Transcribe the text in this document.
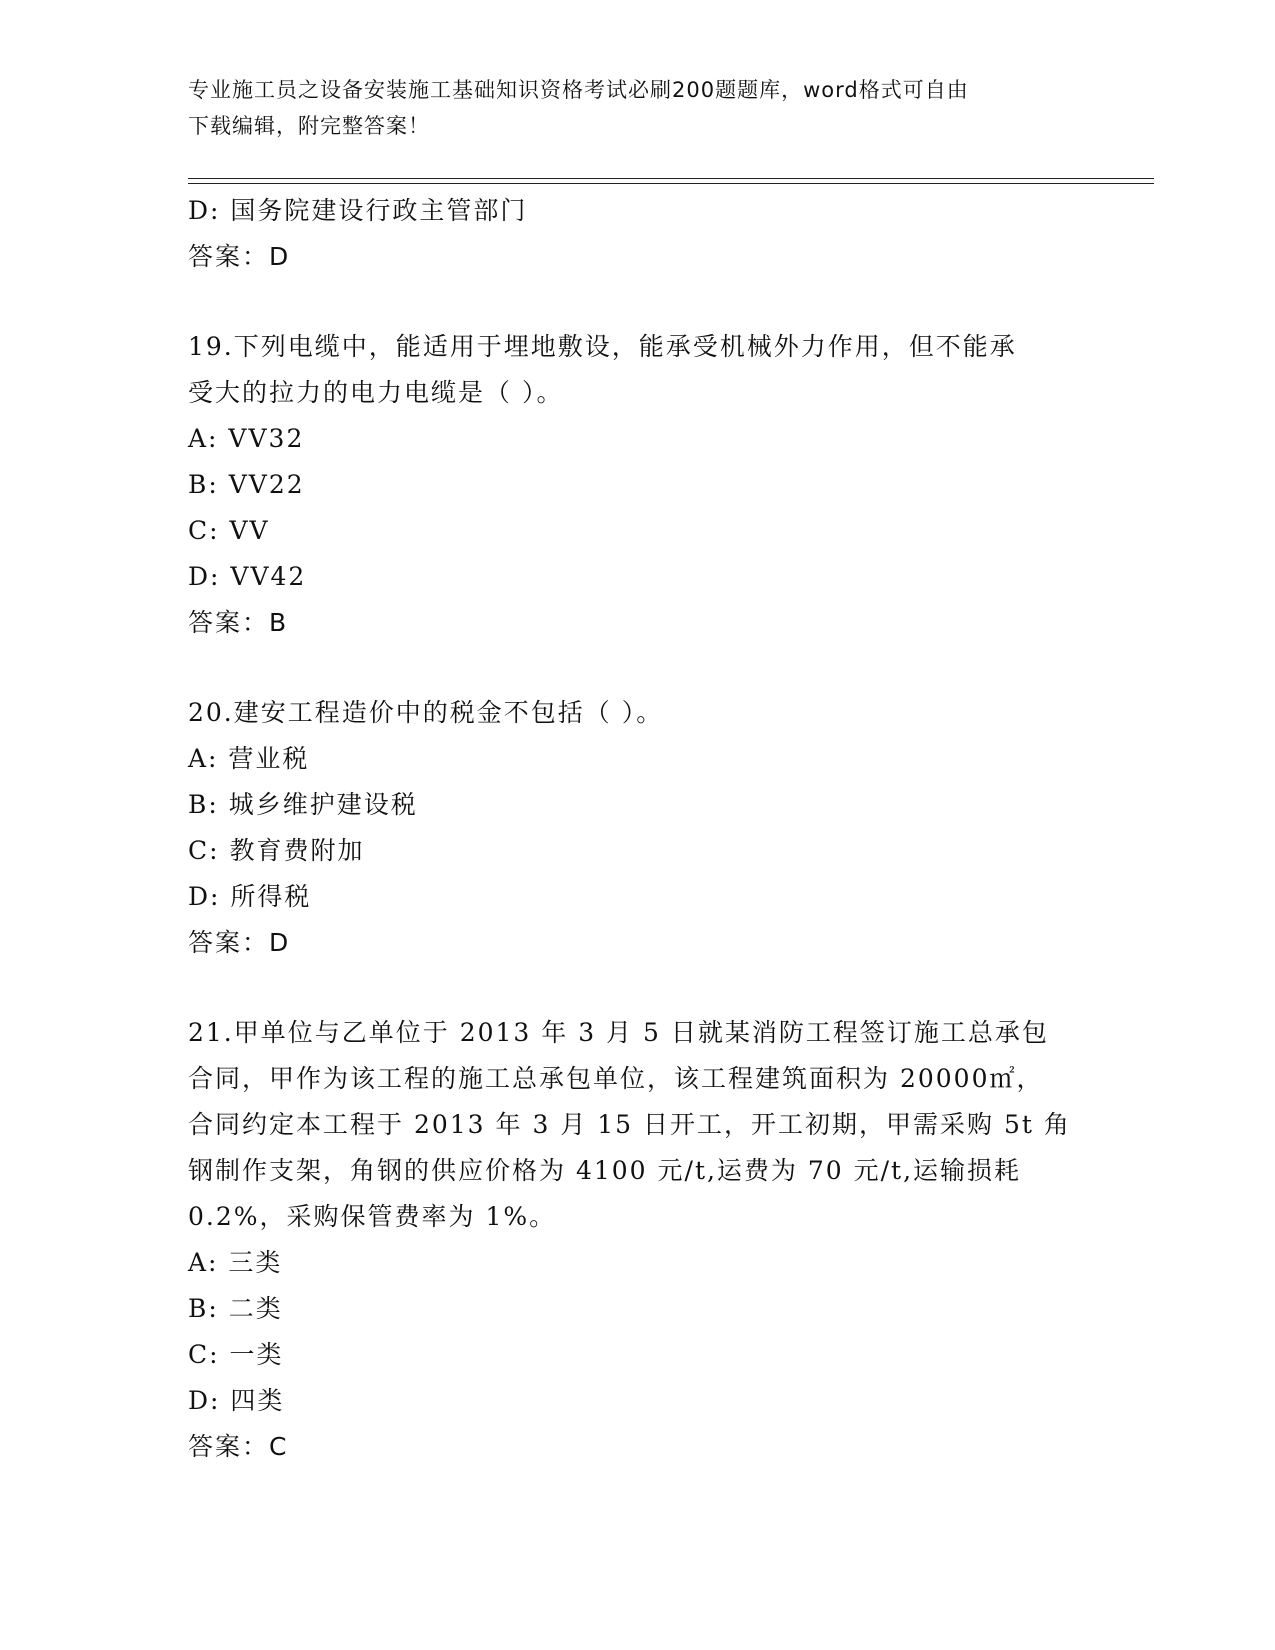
专业施工员之设备安装施工基础知识资格考试必刷200题题库，word格式可自由
下载编辑，附完整答案！
D: 国务院建设行政主管部门
答案：D
19.下列电缆中，能适用于埋地敷设，能承受机械外力作用，但不能承
受大的拉力的电力电缆是（ ）。
A: VV32
B: VV22
C: VV
D: VV42
答案：B
20.建安工程造价中的税金不包括（ ）。
A: 营业税
B: 城乡维护建设税
C: 教育费附加
D: 所得税
答案：D
21.甲单位与乙单位于 2013 年 3 月 5 日就某消防工程签订施工总承包
合同，甲作为该工程的施工总承包单位，该工程建筑面积为 20000㎡，
合同约定本工程于 2013 年 3 月 15 日开工，开工初期，甲需采购 5t 角
钢制作支架，角钢的供应价格为 4100 元/t,运费为 70 元/t,运输损耗
0.2%，采购保管费率为 1%。
A: 三类
B: 二类
C: 一类
D: 四类
答案：C
